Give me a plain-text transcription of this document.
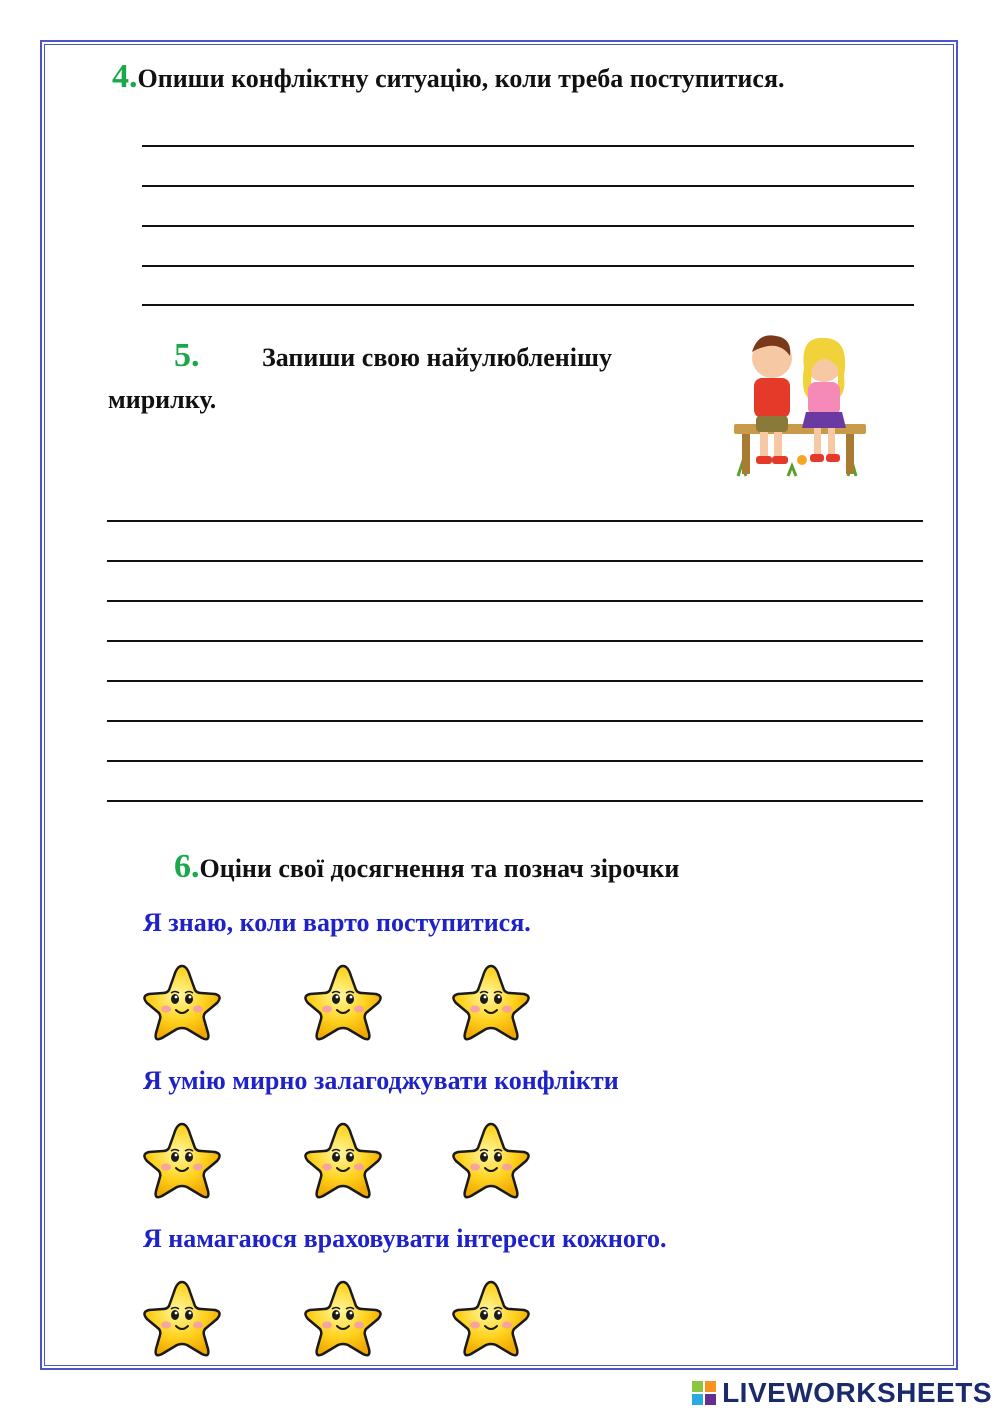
4.Опиши конфліктну ситуацію, коли треба поступитися.
5. Запиши свою найулюбленішу
мирилку.
6.Оціни свої досягнення та познач зірочки
Я знаю, коли варто поступитися.
Я умію мирно залагоджувати конфлікти
Я намагаюся враховувати інтереси кожного.
LIVEWORKSHEETS
